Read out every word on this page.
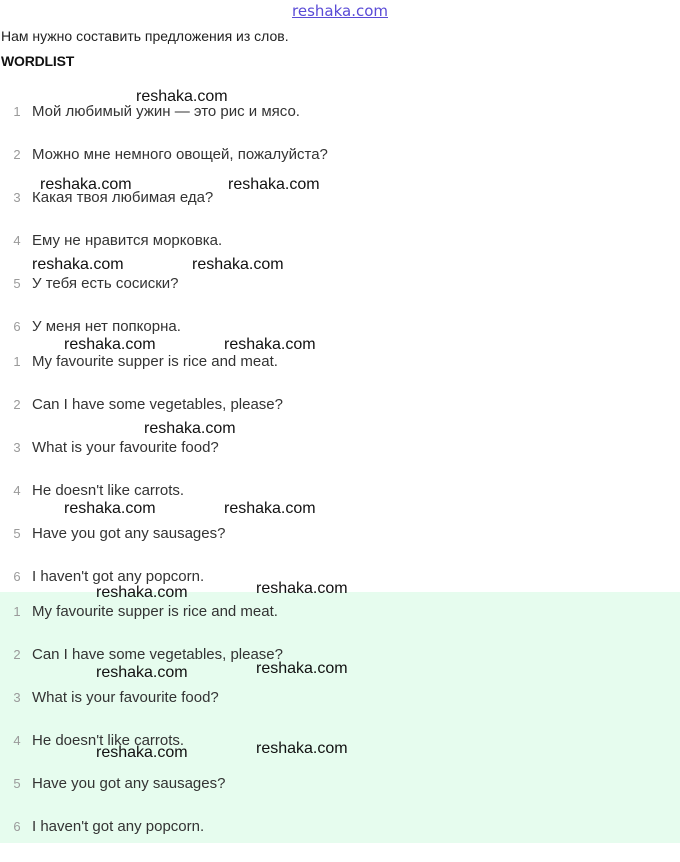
reshaka.com
Нам нужно составить предложения из слов.
WORDLIST
1 Мой любимый ужин — это рис и мясо.
2 Можно мне немного овощей, пожалуйста?
3 Какая твоя любимая еда?
4 Ему не нравится морковка.
5 У тебя есть сосиски?
6 У меня нет попкорна.
1 My favourite supper is rice and meat.
2 Can I have some vegetables, please?
3 What is your favourite food?
4 He doesn't like carrots.
5 Have you got any sausages?
6 I haven't got any popcorn.
1 My favourite supper is rice and meat.
2 Can I have some vegetables, please?
3 What is your favourite food?
4 He doesn't like carrots.
5 Have you got any sausages?
6 I haven't got any popcorn.
reshaka.com
reshaka.com	reshaka.com
reshaka.com	reshaka.com
reshaka.com	reshaka.com
reshaka.com
reshaka.com	reshaka.com
reshaka.com	reshaka.com
reshaka.com	reshaka.com
reshaka.com	reshaka.com
